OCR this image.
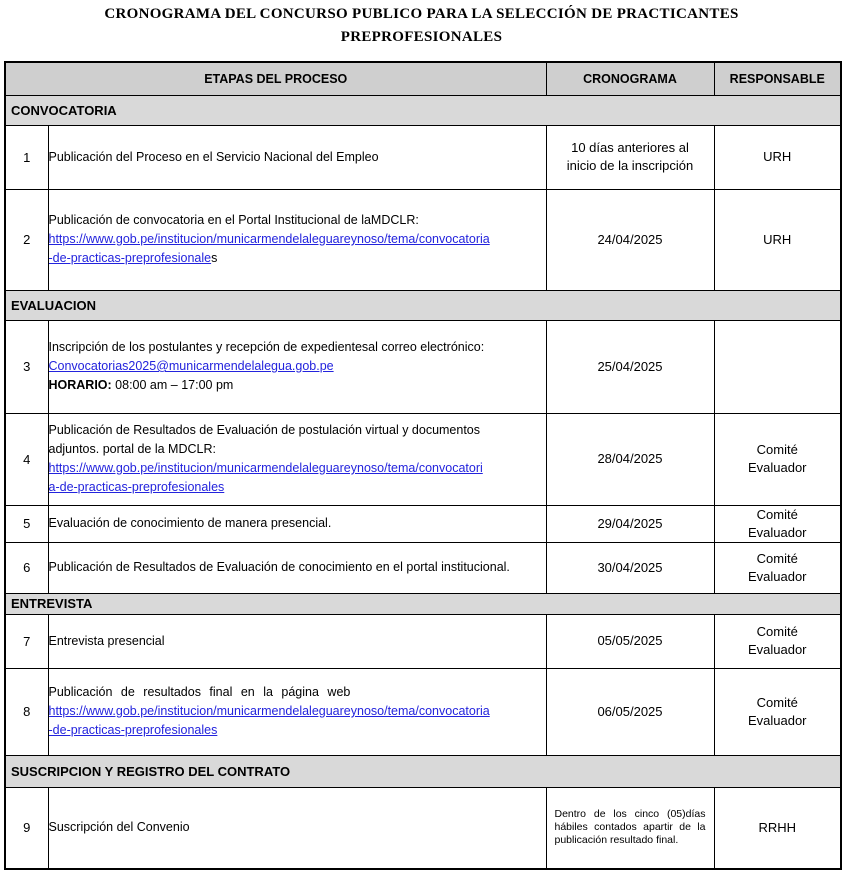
CRONOGRAMA DEL CONCURSO PUBLICO PARA LA SELECCIÓN DE PRACTICANTES
PREPROFESIONALES
ETAPAS DEL PROCESO		CRONOGRAMA	RESPONSABLE
CONVOCATORIA			
1	Publicación del Proceso en el Servicio Nacional del Empleo	10 días anteriores al
inicio de la inscripción	URH
2	Publicación de convocatoria en el Portal Institucional de laMDCLR:
https://www.gob.pe/institucion/municarmendelaleguareynoso/tema/convocatoria
-de-practicas-preprofesionales	24/04/2025	URH
EVALUACION			
3	Inscripción de los postulantes y recepción de expedientesal correo electrónico:
Convocatorias2025@municarmendelalegua.gob.pe
HORARIO: 08:00 am – 17:00 pm	25/04/2025	
4	Publicación de Resultados de Evaluación de postulación virtual y documentos
adjuntos. portal de la MDCLR:
https://www.gob.pe/institucion/municarmendelaleguareynoso/tema/convocatori
a-de-practicas-preprofesionales	28/04/2025	Comité
Evaluador
5	Evaluación de conocimiento de manera presencial.	29/04/2025	Comité
Evaluador
6	Publicación de Resultados de Evaluación de conocimiento en el portal institucional.	30/04/2025	Comité
Evaluador
ENTREVISTA			
7	Entrevista presencial	05/05/2025	Comité
Evaluador
8	Publicación de resultados final en la página web
https://www.gob.pe/institucion/municarmendelaleguareynoso/tema/convocatoria
-de-practicas-preprofesionales	06/05/2025	Comité
Evaluador
SUSCRIPCION Y REGISTRO DEL CONTRATO			
9	Suscripción del Convenio	Dentro de los cinco (05)días hábiles contados apartir de la publicación resultado final.	RRHH
